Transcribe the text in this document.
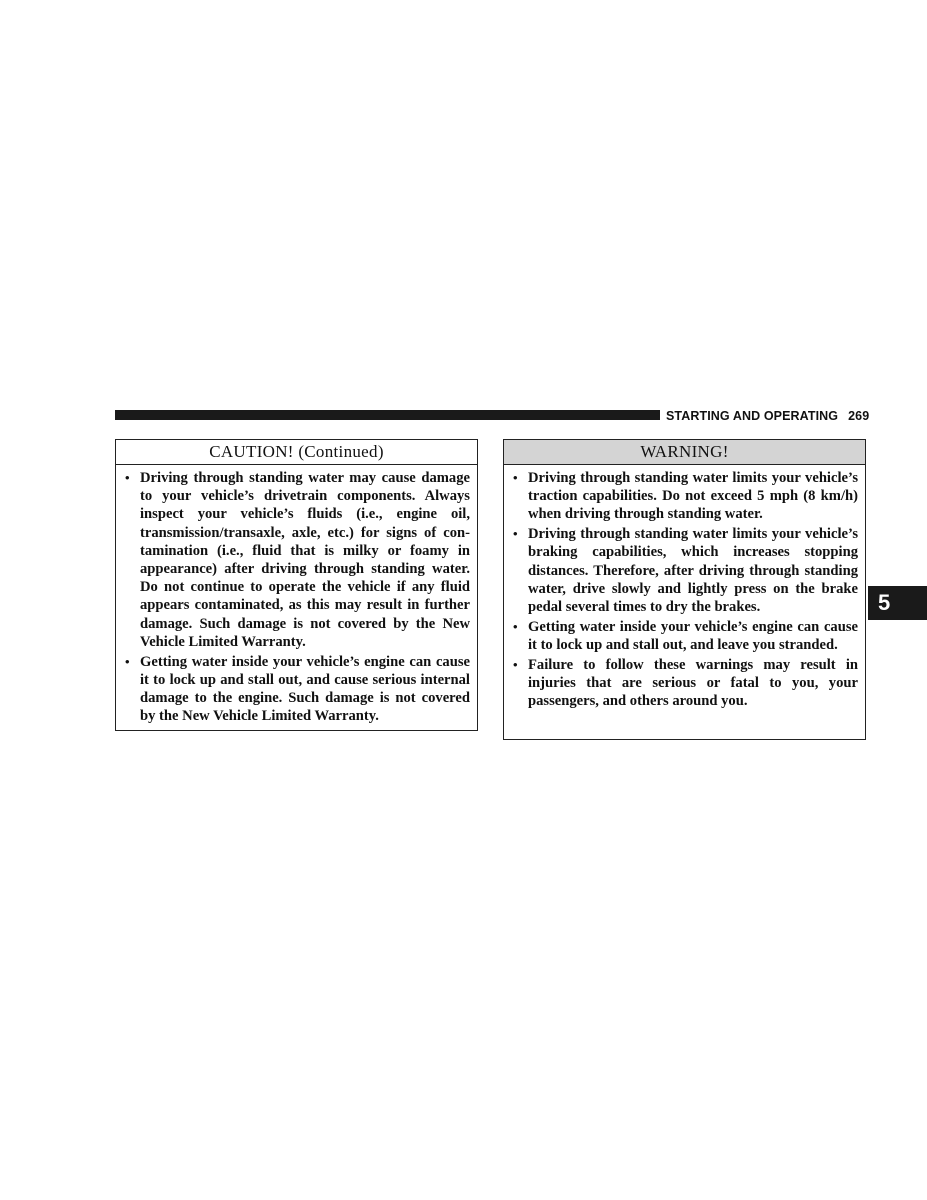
STARTING AND OPERATING 269
5
CAUTION! (Continued)
• Driving through standing water may cause damage to your vehicle’s drivetrain components. Always inspect your vehicle’s fluids (i.e., engine oil, transmission/transaxle, axle, etc.) for signs of contamination (i.e., fluid that is milky or foamy in appearance) after driving through standing water. Do not continue to operate the vehicle if any fluid appears contaminated, as this may result in further damage. Such damage is not covered by the New Vehicle Limited Warranty.
• Getting water inside your vehicle’s engine can cause it to lock up and stall out, and cause serious internal damage to the engine. Such damage is not covered by the New Vehicle Limited Warranty.
WARNING!
• Driving through standing water limits your vehicle’s traction capabilities. Do not exceed 5 mph (8 km/h) when driving through standing water.
• Driving through standing water limits your vehicle’s braking capabilities, which increases stopping distances. Therefore, after driving through standing water, drive slowly and lightly press on the brake pedal several times to dry the brakes.
• Getting water inside your vehicle’s engine can cause it to lock up and stall out, and leave you stranded.
• Failure to follow these warnings may result in injuries that are serious or fatal to you, your passengers, and others around you.
